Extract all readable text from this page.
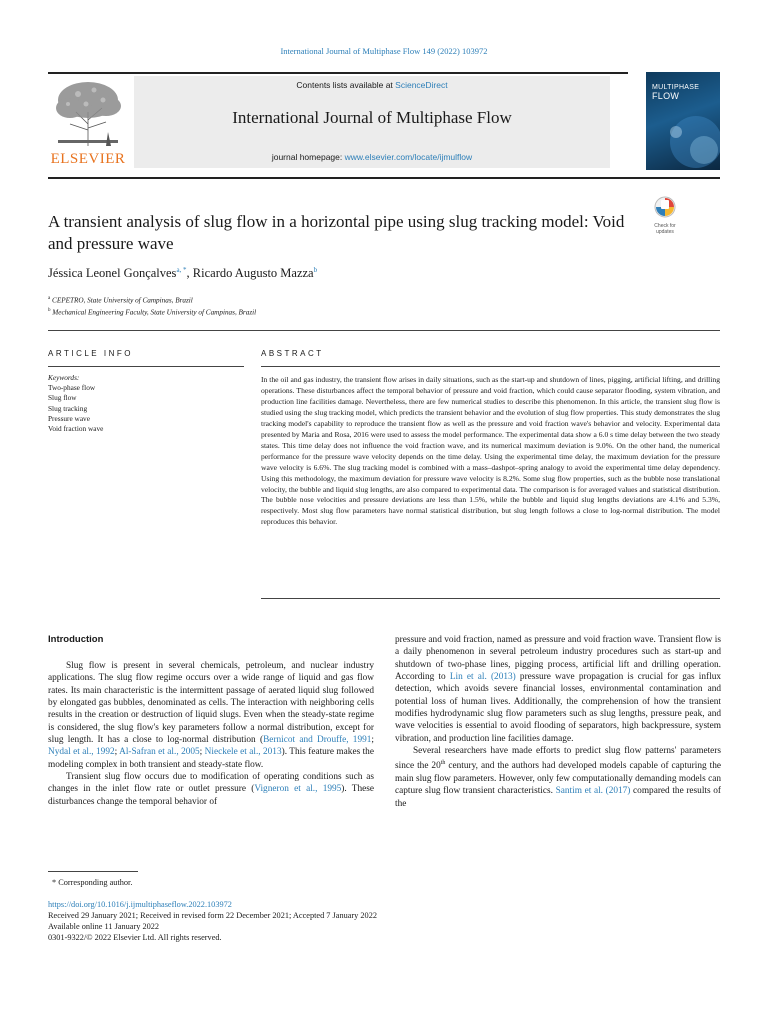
International Journal of Multiphase Flow 149 (2022) 103972
ELSEVIER
Contents lists available at ScienceDirect
International Journal of Multiphase Flow
journal homepage: www.elsevier.com/locate/ijmulflow
MULTIPHASE
FLOW
A transient analysis of slug flow in a horizontal pipe using slug tracking model: Void and pressure wave
Check for
updates
Jéssica Leonel Gonçalves$^{a, *}$, Ricardo Augusto Mazza$^b$
$^a$ CEPETRO, State University of Campinas, Brazil
$^b$ Mechanical Engineering Faculty, State University of Campinas, Brazil
ARTICLE INFO	ABSTRACT
Keywords:
Two-phase flow
Slug flow
Slug tracking
Pressure wave
Void fraction wave
In the oil and gas industry, the transient flow arises in daily situations, such as the start-up and shutdown of lines, pigging, artificial lifting, and drilling operations. These disturbances affect the temporal behavior of pressure and void fraction, which could cause separator flooding, system vibration, and production line facilities damage. Nevertheless, there are few numerical studies to describe this phenomenon. In this article, the transient slug flow is studied using the slug tracking model, which predicts the transient behavior and the evolution of slug flow properties. This study demonstrates the slug tracking model's capability to reproduce the transient flow as well as the pressure and void fraction wave's behavior and velocity. Experimental data presented by Maria and Rosa, 2016 were used to assess the model performance. The experimental data show a 6.0 s time delay between the two steady states. This time delay does not influence the void fraction wave, and its numerical maximum deviation is 9.0%. On the other hand, the numerical performance for the pressure wave velocity depends on the time delay. Using the experimental time delay, the maximum deviation for the pressure wave velocity is 6.6%. The slug tracking model is combined with a mass–dashpot–spring analogy to avoid the experimental time delay dependency. Using this methodology, the maximum deviation for pressure wave velocity is 8.2%. Some slug flow properties, such as the bubble nose translational velocity, the bubble and liquid slug lengths, are also compared to experimental data. The comparison is for averaged values and statistical distribution. The bubble nose velocities and pressure deviations are less than 1.5%, while the bubble and liquid slug lengths deviations are 4.1% and 5.3%, respectively. Most slug flow parameters have normal statistical distribution, but slug length follows a close to log-normal distribution. The model reproduces this behavior.
Introduction

Slug flow is present in several chemicals, petroleum, and nuclear industry applications. The slug flow regime occurs over a wide range of liquid and gas flow rates. Its main characteristic is the intermittent passage of aerated liquid slug followed by elongated gas bubbles, denominated as cells. The interaction with neighboring cells results in the creation or destruction of liquid slugs. Even when the steady-state regime is considered, the slug flow's key parameters follow a normal distribution, except for slug length. It has a close to log-normal distribution (Bernicot and Drouffe, 1991; Nydal et al., 1992; Al-Safran et al., 2005; Nieckele et al., 2013). This feature makes the modeling complex in both transient and steady-state flow.

Transient slug flow occurs due to modification of operating conditions such as changes in the inlet flow rate or outlet pressure (Vigneron et al., 1995). These disturbances change the temporal behavior of

pressure and void fraction, named as pressure and void fraction wave. Transient flow is a daily phenomenon in several petroleum industry procedures such as start-up and shutdown of two-phase lines, pigging process, artificial lift and drilling operation. According to Lin et al. (2013) pressure wave propagation is crucial for gas influx detection, which avoids severe financial losses, environmental contamination and potential loss of human lives. Additionally, the comprehension of how the transient modifies hydrodynamic slug flow parameters such as slug lengths, pressure peak, and wave velocities is essential to avoid flooding of separators, high backpressure, system vibration, and production line facilities damage.

Several researchers have made efforts to predict slug flow patterns' parameters since the 20th century, and the authors had developed models capable of capturing the main slug flow parameters. However, only few computationally demanding models can capture slug flow transient characteristics. Santim et al. (2017) compared the results of the

* Corresponding author.
https://doi.org/10.1016/j.ijmultiphaseflow.2022.103972
Received 29 January 2021; Received in revised form 22 December 2021; Accepted 7 January 2022
Available online 11 January 2022
0301-9322/© 2022 Elsevier Ltd. All rights reserved.
